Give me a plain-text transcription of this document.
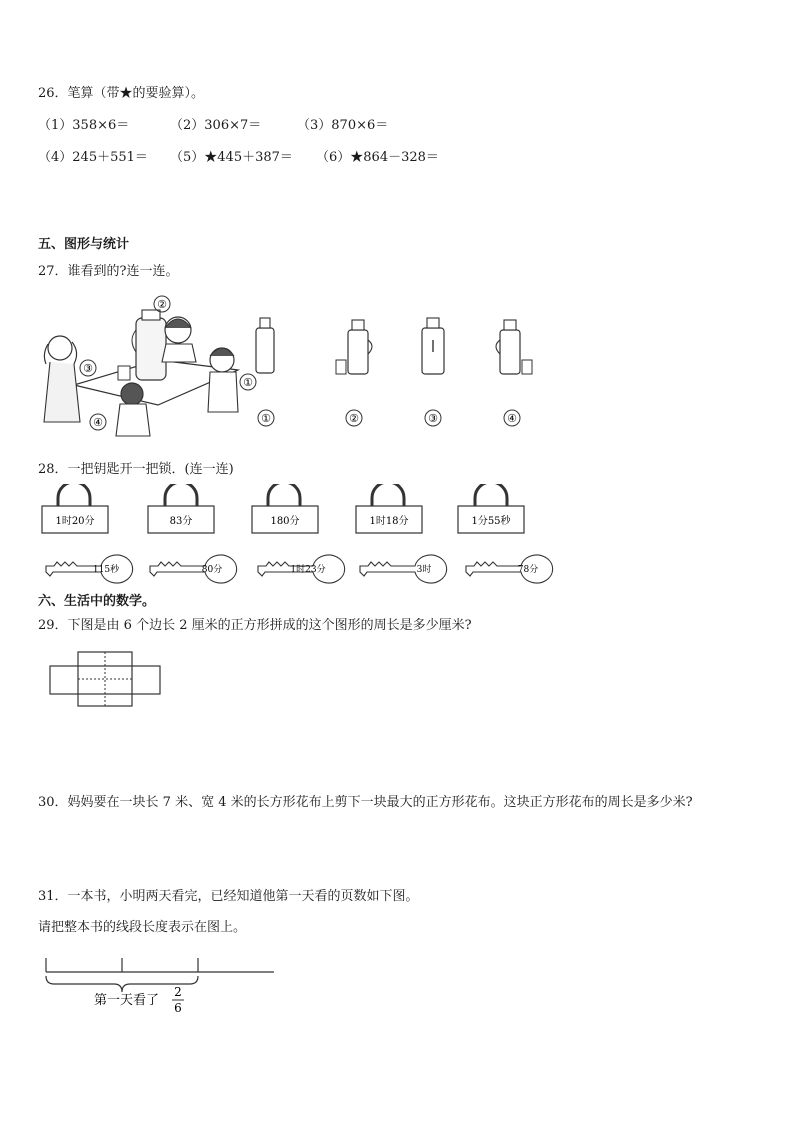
26．笔算（带★的要验算）。
（1）358×6＝	（2）306×7＝	（3）870×6＝
（4）245＋551＝ （5）★445＋387＝ （6）★864－328＝
五、图形与统计
27．谁看到的?连一连。
②
③
①
④	①	②	③	④
28．一把钥匙开一把锁．(连一连)
1时20分	83分	180分	1时18分	1分55秒
115秒	80分	1时23分	3时	78分
六、生活中的数学。
29．下图是由 6 个边长 2 厘米的正方形拼成的这个图形的周长是多少厘米?
30．妈妈要在一块长 7 米、宽 4 米的长方形花布上剪下一块最大的正方形花布。这块正方形花布的周长是多少米?
31．一本书，小明两天看完，已经知道他第一天看的页数如下图。
请把整本书的线段长度表示在图上。
第一天看了
2
6
